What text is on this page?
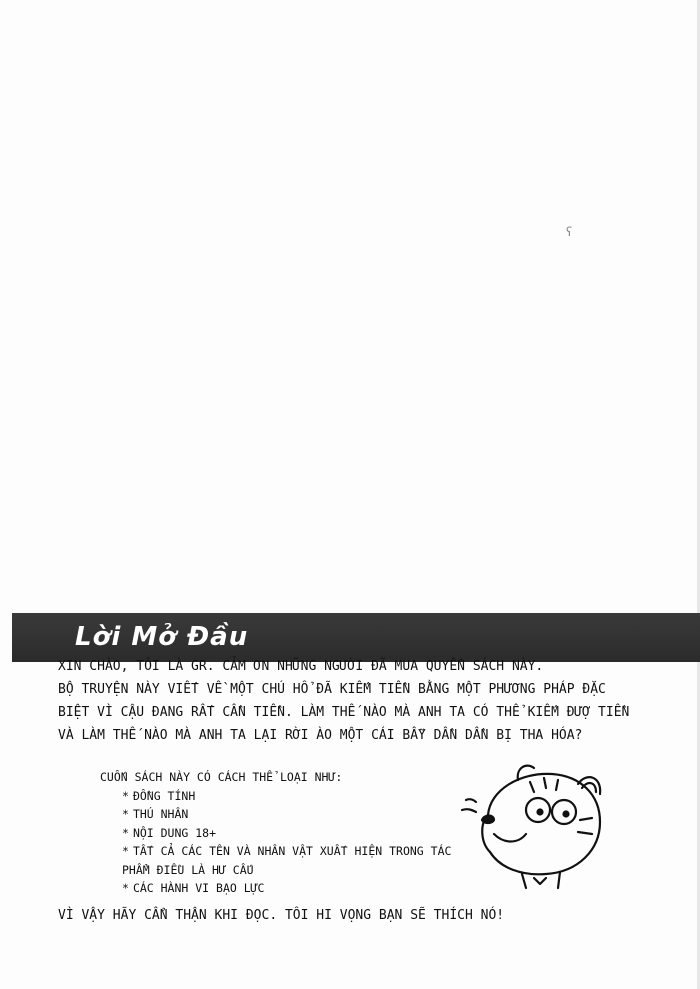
ʕ
Lời Mở Đầu

XIN CHÀO, TÔI LÀ GR. CẢM ƠN NHỮNG NGƯỜI ĐÃ MUA QUYỂN SÁCH NÀY.

BỘ TRUYỆN NÀY VIẾT VỀ MỘT CHÚ HỔ ĐÃ KIẾM TIỀN BẰNG MỘT PHƯƠNG PHÁP ĐẶC

BIỆT VÌ CẬU ĐANG RẤT CẦN TIỀN. LÀM THẾ NÀO MÀ ANH TA CÓ THỂ KIẾM ĐƯỢ TIỀN

VÀ LÀM THẾ NÀO MÀ ANH TA LẠI RỜI ÀO MỘT CÁI BẪY DẦN DẦN BỊ THA HÓA?

CUỐN SÁCH NÀY CÓ CÁCH THỂ LOẠI NHƯ:

* ĐỒNG TÍNH
* THÚ NHÂN
* NỘI DUNG 18+
* TẤT CẢ CÁC TÊN VÀ NHÂN VẬT XUẤT HIỆN TRONG TÁC
PHẨM ĐIỀU LÀ HƯ CẤU
* CÁC HÀNH VI BẠO LỰC
VÌ VẬY HÃY CẨN THẬN KHI ĐỌC. TÔI HI VỌNG BẠN SẼ THÍCH NÓ!
